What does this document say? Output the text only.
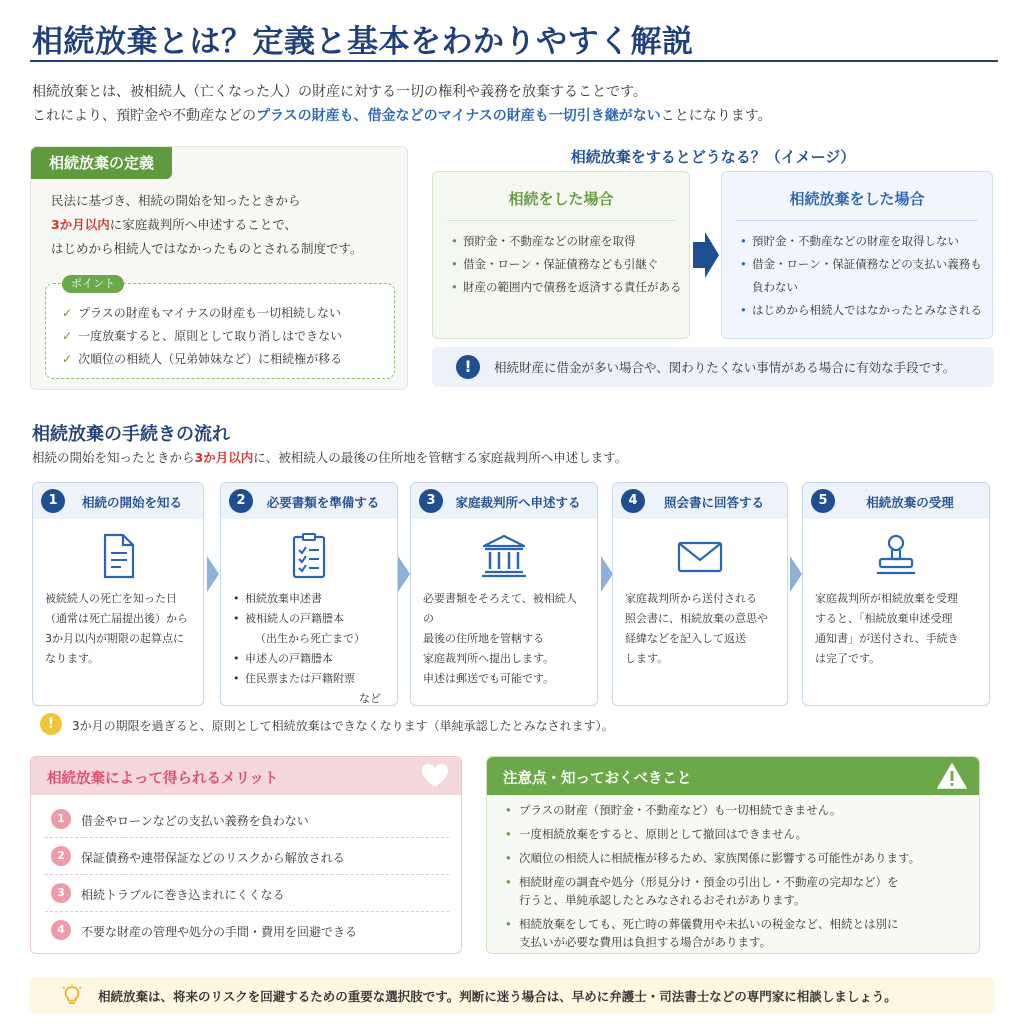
相続放棄とは？定義と基本をわかりやすく解説
相続放棄とは、被相続人（亡くなった人）の財産に対する一切の権利や義務を放棄することです。
これにより、預貯金や不動産などのプラスの財産も、借金などのマイナスの財産も一切引き継がないことになります。
相続放棄の定義
民法に基づき、相続の開始を知ったときから
3か月以内に家庭裁判所へ申述することで、
はじめから相続人ではなかったものとされる制度です。
ポイント
✓ プラスの財産もマイナスの財産も一切相続しない
✓ 一度放棄すると、原則として取り消しはできない
✓ 次順位の相続人（兄弟姉妹など）に相続権が移る
相続放棄をするとどうなる？（イメージ）
相続をした場合
• 預貯金・不動産などの財産を取得
• 借金・ローン・保証債務なども引継ぐ
• 財産の範囲内で債務を返済する責任がある
相続放棄をした場合
• 預貯金・不動産などの財産を取得しない
• 借金・ローン・保証債務などの支払い義務も
負わない
• はじめから相続人ではなかったとみなされる
!	相続財産に借金が多い場合や、関わりたくない事情がある場合に有効な手段です。
相続放棄の手続きの流れ
相続の開始を知ったときから3か月以内に、被相続人の最後の住所地を管轄する家庭裁判所へ申述します。
1	相続の開始を知る
被続続人の死亡を知った日
（通常は死亡届提出後）から
3か月以内が期限の起算点に
なります。
2	必要書類を準備する
• 相続放棄申述書
• 被相続人の戸籍謄本
（出生から死亡まで）
• 申述人の戸籍謄本
• 住民票または戸籍附票
など
3	家庭裁判所へ申述する
必要書類をそろえて、被相続人の
最後の住所地を管轄する
家庭裁判所へ提出します。
申述は郵送でも可能です。
4	照会書に回答する
家庭裁判所から送付される
照会書に、相続放棄の意思や
経緯などを記入して返送
します。
5	相続放棄の受理
家庭裁判所が相続放棄を受理
すると、「相続放棄申述受理
通知書」が送付され、手続き
は完了です。
!	3か月の期限を過ぎると、原則として相続放棄はできなくなります（単純承認したとみなされます）。
相続放棄によって得られるメリット
1	借金やローンなどの支払い義務を負わない
2	保証債務や連帯保証などのリスクから解放される
3	相続トラブルに巻き込まれにくくなる
4	不要な財産の管理や処分の手間・費用を回避できる
注意点・知っておくべきこと
• プラスの財産（預貯金・不動産など）も一切相続できません。
• 一度相続放棄をすると、原則として撤回はできません。
• 次順位の相続人に相続権が移るため、家族関係に影響する可能性があります。
• 相続財産の調査や処分（形見分け・預金の引出し・不動産の完却など）を
行うと、単純承認したとみなされるおそれがあります。
• 相続放棄をしても、死亡時の葬儀費用や未払いの税金など、相続とは別に
支払いが必要な費用は負担する場合があります。
相続放棄は、将来のリスクを回避するための重要な選択肢です。判断に迷う場合は、早めに弁護士・司法書士などの専門家に相談しましょう。
